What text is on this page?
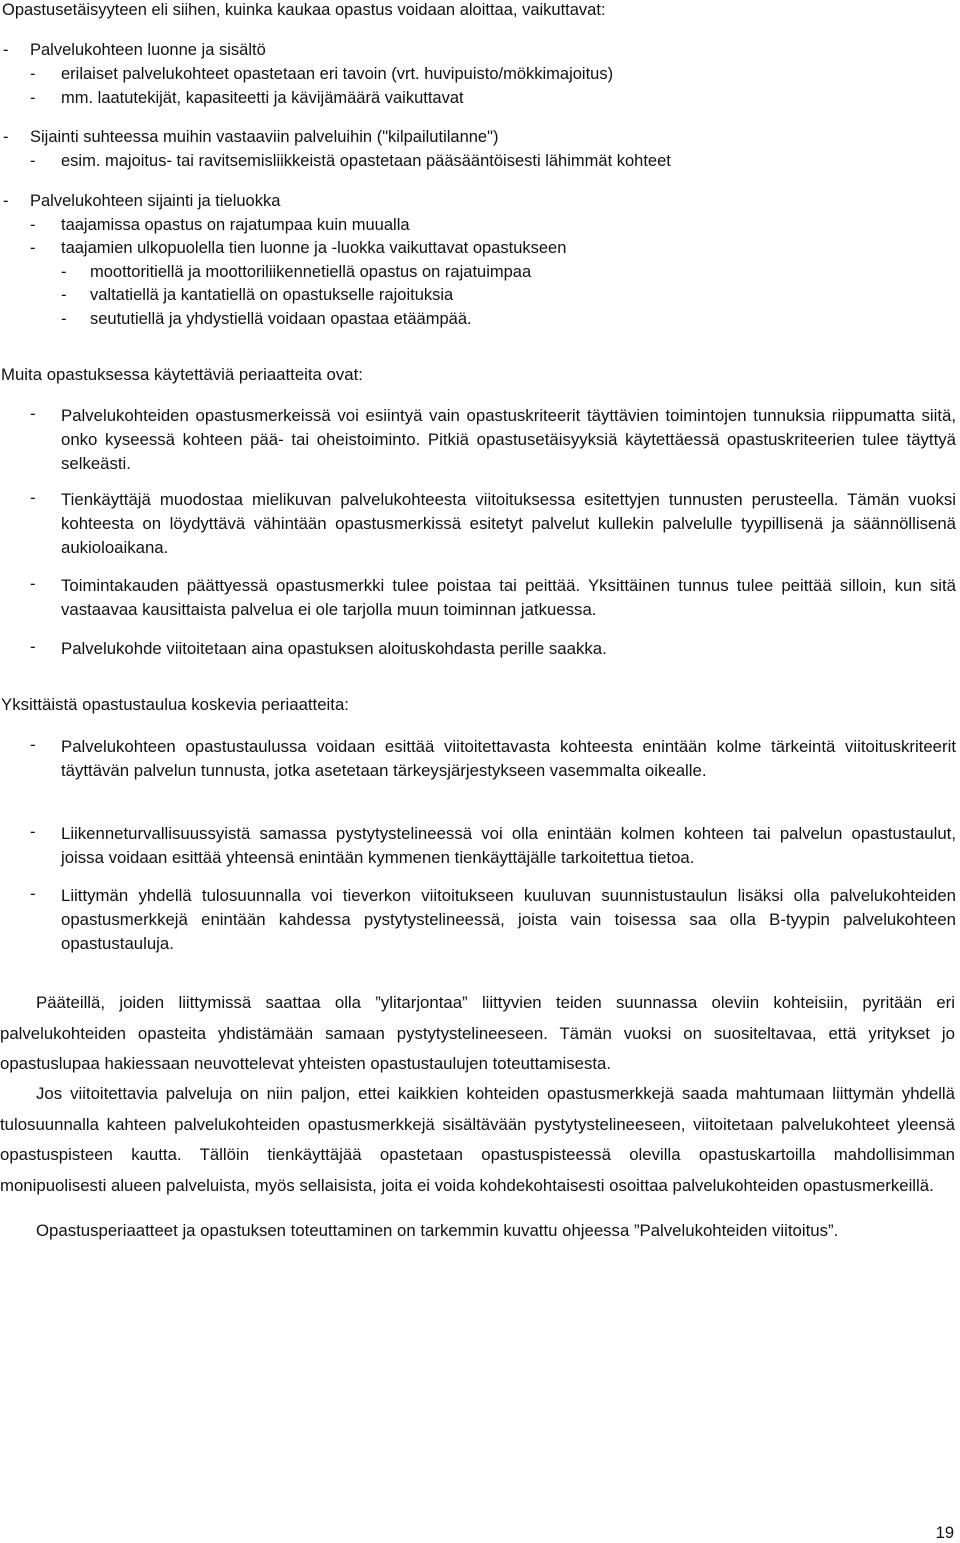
Opastusetäisyyteen eli siihen, kuinka kaukaa opastus voidaan aloittaa, vaikuttavat:
- Palvelukohteen luonne ja sisältö
- erilaiset palvelukohteet opastetaan eri tavoin (vrt. huvipuisto/mökkimajoitus)
- mm. laatutekijät, kapasiteetti ja kävijämäärä vaikuttavat
- Sijainti suhteessa muihin vastaaviin palveluihin ("kilpailutilanne")
- esim. majoitus- tai ravitsemisliikkeistä opastetaan pääsääntöisesti lähimmät kohteet
- Palvelukohteen sijainti ja tieluokka
- taajamissa opastus on rajatumpaa kuin muualla
- taajamien ulkopuolella tien luonne ja -luokka vaikuttavat opastukseen
- moottoritiellä ja moottoriliikennetiellä opastus on rajatuimpaa
- valtatiellä ja kantatiellä on opastukselle rajoituksia
- seututiellä ja yhdystiellä voidaan opastaa etäämpää.
Muita opastuksessa käytettäviä periaatteita ovat:
- Palvelukohteiden opastusmerkeissä voi esiintyä vain opastuskriteerit täyttävien toimintojen tunnuksia riippumatta siitä, onko kyseessä kohteen pää- tai oheistoiminto. Pitkiä opastusetäisyyksiä käytettäessä opastuskriteerien tulee täyttyä selkeästi.
- Tienkäyttäjä muodostaa mielikuvan palvelukohteesta viitoituksessa esitettyjen tunnusten perusteella. Tämän vuoksi kohteesta on löydyttävä vähintään opastusmerkissä esitetyt palvelut kullekin palvelulle tyypillisenä ja säännöllisenä aukioloaikana.
- Toimintakauden päättyessä opastusmerkki tulee poistaa tai peittää. Yksittäinen tunnus tulee peittää silloin, kun sitä vastaavaa kausittaista palvelua ei ole tarjolla muun toiminnan jatkuessa.
- Palvelukohde viitoitetaan aina opastuksen aloituskohdasta perille saakka.
Yksittäistä opastustaulua koskevia periaatteita:
- Palvelukohteen opastustaulussa voidaan esittää viitoitettavasta kohteesta enintään kolme tärkeintä viitoituskriteerit täyttävän palvelun tunnusta, jotka asetetaan tärkeysjärjestykseen vasemmalta oikealle.
- Liikenneturvallisuussyistä samassa pystytystelineessä voi olla enintään kolmen kohteen tai palvelun opastustaulut, joissa voidaan esittää yhteensä enintään kymmenen tienkäyttäjälle tarkoitettua tietoa.
- Liittymän yhdellä tulosuunnalla voi tieverkon viitoitukseen kuuluvan suunnistustaulun lisäksi olla palvelukohteiden opastusmerkkejä enintään kahdessa pystytystelineessä, joista vain toisessa saa olla B-tyypin palvelukohteen opastustauluja.
Pääteillä, joiden liittymissä saattaa olla ”ylitarjontaa” liittyvien teiden suunnassa oleviin kohteisiin, pyritään eri palvelukohteiden opasteita yhdistämään samaan pystytystelineeseen. Tämän vuoksi on suositeltavaa, että yritykset jo opastuslupaa hakiessaan neuvottelevat yhteisten opastustaulujen toteuttamisesta.
Jos viitoitettavia palveluja on niin paljon, ettei kaikkien kohteiden opastusmerkkejä saada mahtumaan liittymän yhdellä tulosuunnalla kahteen palvelukohteiden opastusmerkkejä sisältävään pystytystelineeseen, viitoitetaan palvelukohteet yleensä opastuspisteen kautta. Tällöin tienkäyttäjää opastetaan opastuspisteessä olevilla opastuskartoilla mahdollisimman monipuolisesti alueen palveluista, myös sellaisista, joita ei voida kohdekohtaisesti osoittaa palvelukohteiden opastusmerkeillä.
Opastusperiaatteet ja opastuksen toteuttaminen on tarkemmin kuvattu ohjeessa ”Palvelukohteiden viitoitus”.
19
